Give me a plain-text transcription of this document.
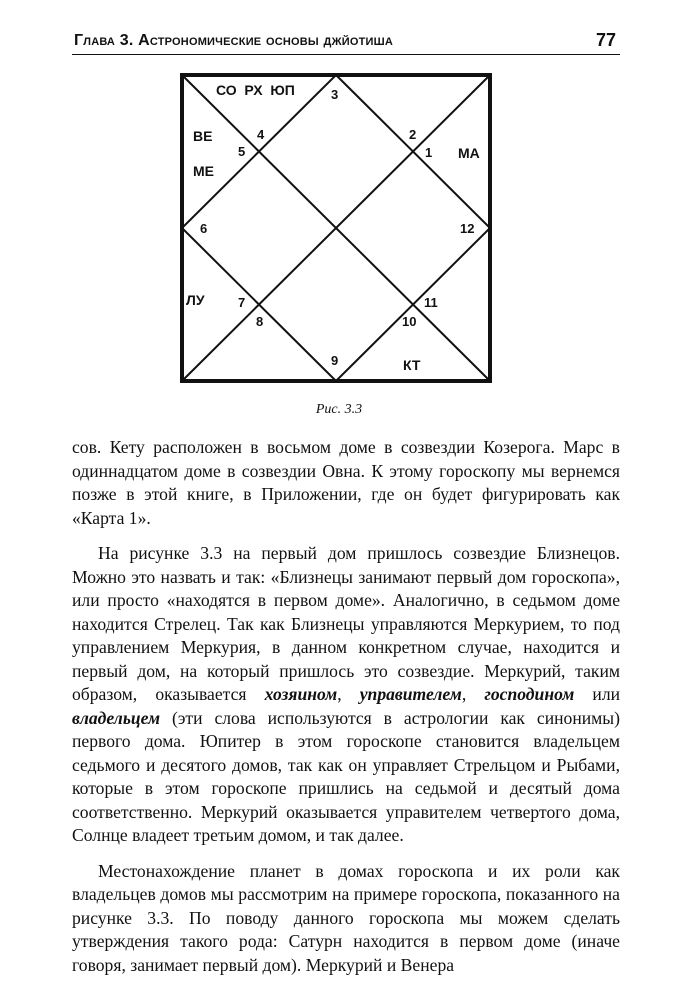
Глава 3. Астрономические основы джйотиша	77
3
4
5
2
1
6	12
7
8
11
10
9
СО  РХ  ЮП
ВЕ
МЕ
МА
ЛУ
КТ
Рис. 3.3

сов. Кету расположен в восьмом доме в созвездии Козерога. Марс в одиннадцатом доме в созвездии Овна. К этому гороскопу мы вернемся позже в этой книге, в Приложении, где он будет фигурировать как «Карта 1».

На рисунке 3.3 на первый дом пришлось созвездие Близнецов. Можно это назвать и так: «Близнецы занимают первый дом гороскопа», или просто «находятся в первом доме». Аналогично, в седьмом доме находится Стрелец. Так как Близнецы управляются Меркурием, то под управлением Меркурия, в данном конкретном случае, находится и первый дом, на который пришлось это созвездие. Меркурий, таким образом, оказывается хозяином, управителем, господином или владельцем (эти слова используются в астрологии как синонимы) первого дома. Юпитер в этом гороскопе становится владельцем седьмого и десятого домов, так как он управляет Стрельцом и Рыбами, которые в этом гороскопе пришлись на седьмой и десятый дома соответственно. Меркурий оказывается управителем четвертого дома, Солнце владеет третьим домом, и так далее.

Местонахождение планет в домах гороскопа и их роли как владельцев домов мы рассмотрим на примере гороскопа, показанного на рисунке 3.3. По поводу данного гороскопа мы можем сделать утверждения такого рода: Сатурн находится в первом доме (иначе говоря, занимает первый дом). Меркурий и Венера
